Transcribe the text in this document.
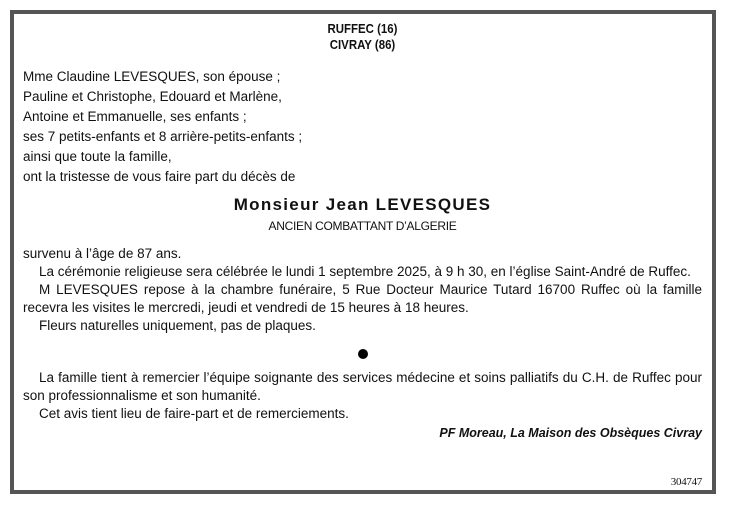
RUFFEC (16)
CIVRAY (86)
Mme Claudine LEVESQUES, son épouse ;
Pauline et Christophe, Edouard et Marlène,
Antoine et Emmanuelle, ses enfants ;
ses 7 petits-enfants et 8 arrière-petits-enfants ;
ainsi que toute la famille,
ont la tristesse de vous faire part du décès de
Monsieur Jean LEVESQUES
ANCIEN COMBATTANT D’ALGERIE

survenu à l’âge de 87 ans.

La cérémonie religieuse sera célébrée le lundi 1 septembre 2025, à 9 h 30, en l’église Saint-André de Ruffec.

M LEVESQUES repose à la chambre funéraire, 5 Rue Docteur Maurice Tutard 16700 Ruffec où la famille recevra les visites le mercredi, jeudi et vendredi de 15 heures à 18 heures.

Fleurs naturelles uniquement, pas de plaques.

La famille tient à remercier l’équipe soignante des services médecine et soins palliatifs du C.H. de Ruffec pour son professionnalisme et son humanité.

Cet avis tient lieu de faire-part et de remerciements.

PF Moreau, La Maison des Obsèques Civray
304747
